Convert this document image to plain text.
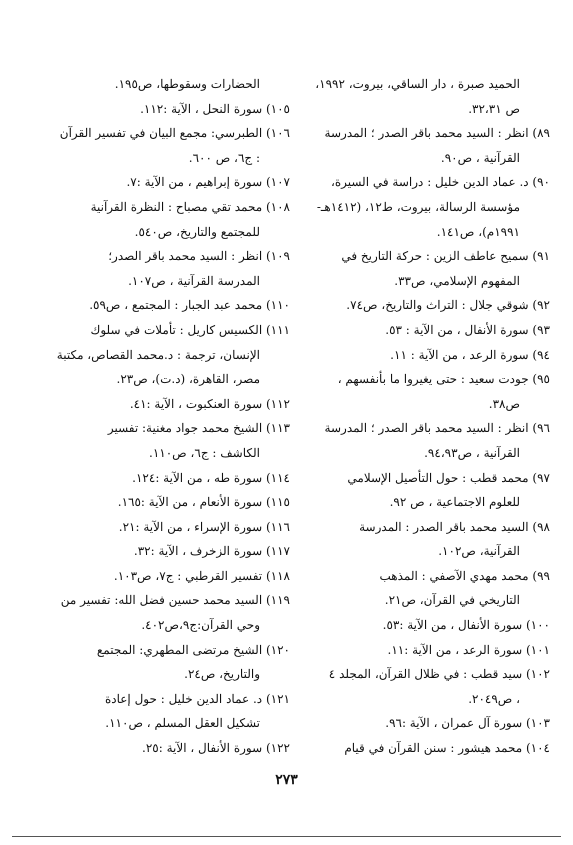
الحميد صبرة ، دار الساقي، بيروت، ١٩٩٢،
ص ٣٢،٣١.
٨٩) انظر : السيد محمد باقر الصدر ؛ المدرسة
القرآنية ، ص٩٠.
٩٠) د. عماد الدين خليل : دراسة في السيرة،
مؤسسة الرسالة، بيروت، ط١٢، (١٤١٢هـ-
١٩٩١م)، ص١٤١.
٩١) سميح عاطف الزين : حركة التاريخ في
المفهوم الإسلامي، ص٣٣.
٩٢) شوقي جلال : التراث والتاريخ، ص٧٤.
٩٣) سورة الأنفال ، من الآية : ٥٣.
٩٤) سورة الرعد ، من الآية : ١١.
٩٥) جودت سعيد : حتى يغيروا ما بأنفسهم ،
ص٣٨.
٩٦) انظر : السيد محمد باقر الصدر ؛ المدرسة
القرآنية ، ص٩٤،٩٣.
٩٧) محمد قطب : حول التأصيل الإسلامي
للعلوم الاجتماعية ، ص ٩٢.
٩٨) السيد محمد باقر الصدر : المدرسة
القرآنية، ص١٠٢.
٩٩) محمد مهدي الآصفي : المذهب
التاريخي في القرآن، ص٢١.
١٠٠) سورة الأنفال ، من الآية :٥٣.
١٠١) سورة الرعد ، من الآية :١١.
١٠٢) سيد قطب : في ظلال القرآن، المجلد ٤
، ص٢٠٤٩.
١٠٣) سورة آل عمران ، الآية :٩٦.
١٠٤) محمد هيشور : سنن القرآن في قيام
الحضارات وسقوطها، ص١٩٥.
١٠٥) سورة النحل ، الآية :١١٢.
١٠٦) الطبرسي: مجمع البيان في تفسير القرآن
: ج٦، ص ٦٠٠.
١٠٧) سورة إبراهيم ، من الآية :٧.
١٠٨) محمد تقي مصباح : النظرة القرآنية
للمجتمع والتاريخ، ص٥٤٠.
١٠٩) انظر : السيد محمد باقر الصدر؛
المدرسة القرآنية ، ص١٠٧.
١١٠) محمد عبد الجبار : المجتمع ، ص٥٩.
١١١) الكسيس كاريل : تأملات في سلوك
الإنسان، ترجمة : د.محمد القصاص، مكتبة
مصر، القاهرة، (د.ت)، ص٢٣.
١١٢) سورة العنكبوت ، الآية :٤١.
١١٣) الشيخ محمد جواد مغنية: تفسير
الكاشف : ج٦، ص١١٠.
١١٤) سورة طه ، من الآية :١٢٤.
١١٥) سورة الأنعام ، من الآية :١٦٥.
١١٦) سورة الإسراء ، من الآية :٢١.
١١٧) سورة الزخرف ، الآية :٣٢.
١١٨) تفسير القرطبي : ج٧، ص١٠٣.
١١٩) السيد محمد حسين فضل الله: تفسير من
وحي القرآن:ج٩،ص٤٠٢.
١٢٠) الشيخ مرتضى المطهري: المجتمع
والتاريخ، ص٢٤.
١٢١) د. عماد الدين خليل : حول إعادة
تشكيل العقل المسلم ، ص١١٠.
١٢٢) سورة الأنفال ، الآية :٢٥.
٢٧٣
